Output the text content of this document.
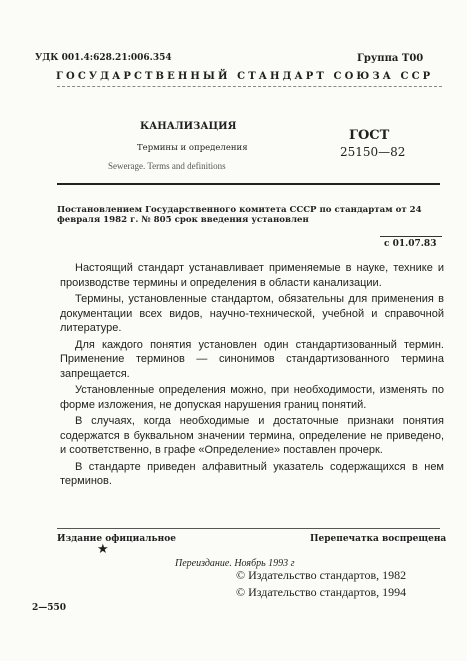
УДК 001.4:628.21:006.354	Группа Т00
ГОСУДАРСТВЕННЫЙ СТАНДАРТ СОЮЗА ССР
КАНАЛИЗАЦИЯ
Термины и определения
Sewerage. Terms and definitions
ГОСТ
25150—82
Постановлением Государственного комитета СССР по стандартам от 24 февраля 1982 г. № 805 срок введения установлен
с 01.07.83

Настоящий стандарт устанавливает применяемые в науке, технике и производстве термины и определения в области канализации.

Термины, установленные стандартом, обязательны для применения в документации всех видов, научно-технической, учебной и справочной литературе.

Для каждого понятия установлен один стандартизованный термин. Применение терминов — синонимов стандартизованного термина запрещается.

Установленные определения можно, при необходимости, изменять по форме изложения, не допуская нарушения границ понятий.

В случаях, когда необходимые и достаточные признаки понятия содержатся в буквальном значении термина, определение не приведено, и соответственно, в графе «Определение» поставлен прочерк.

В стандарте приведен алфавитный указатель содержащихся в нем терминов.

Издание официальное	Перепечатка воспрещена
★
Переиздание. Ноябрь 1993 г
© Издательство стандартов, 1982
© Издательство стандартов, 1994
2—550
